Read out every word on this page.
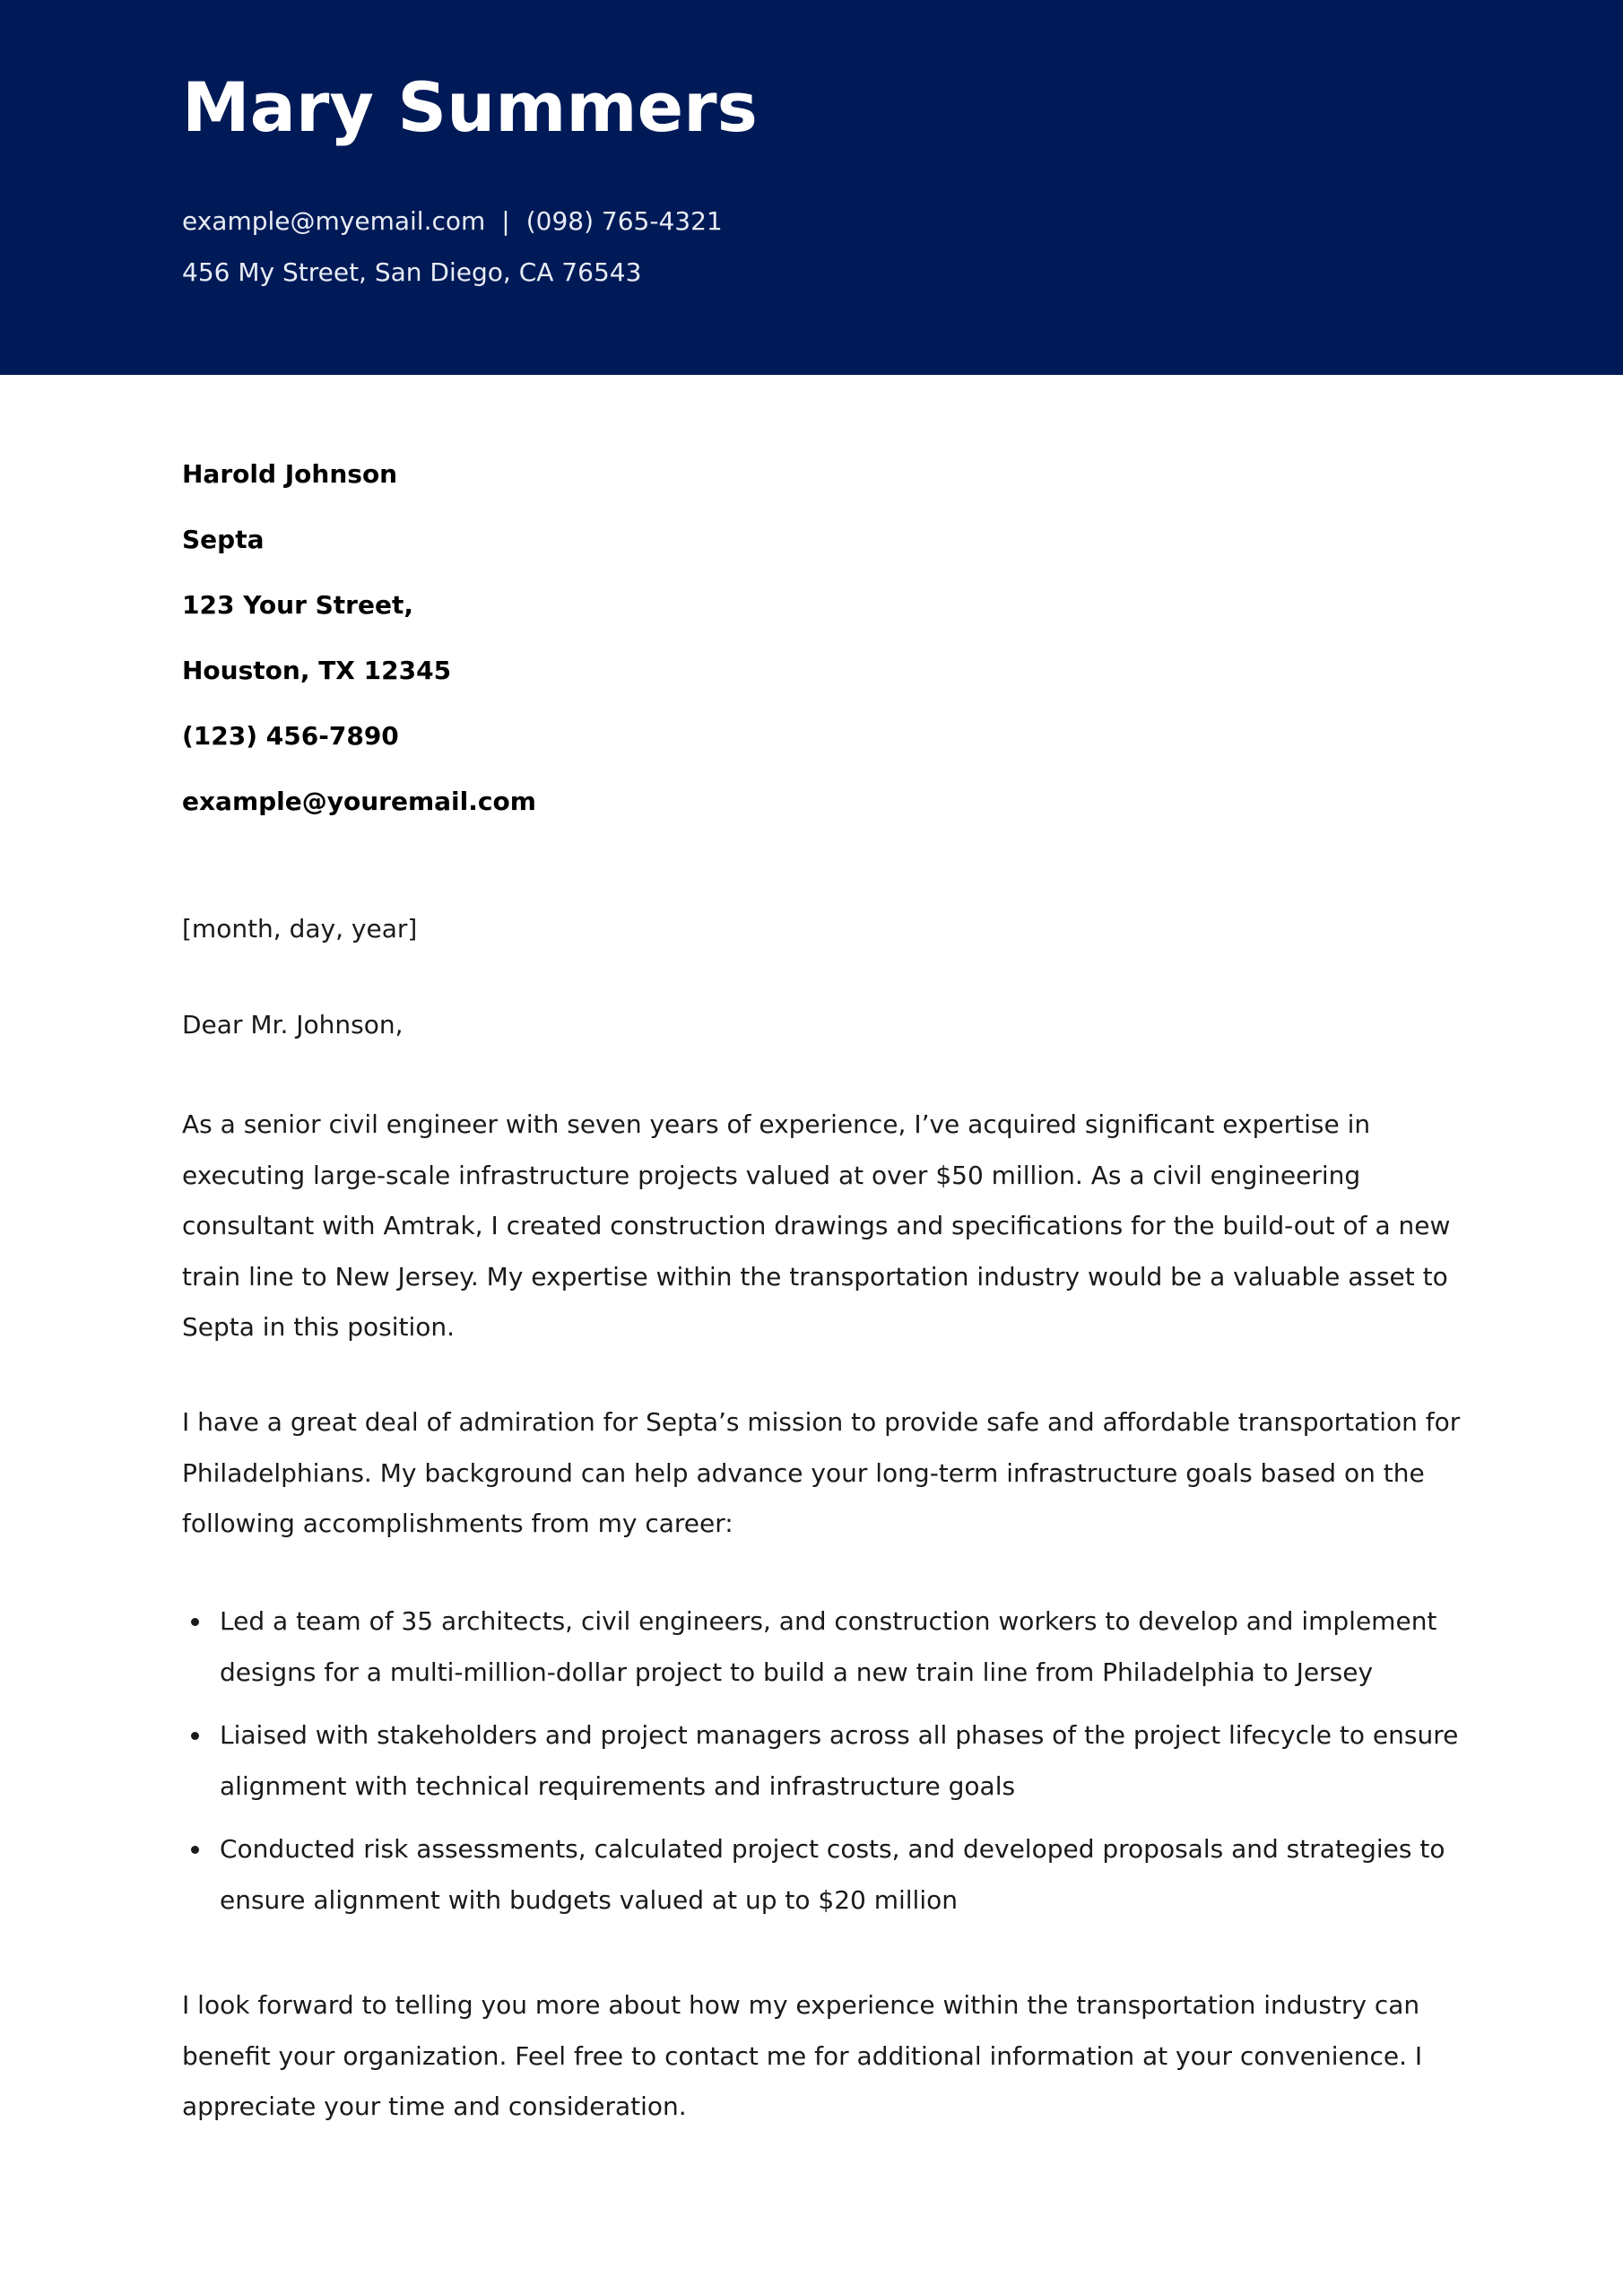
Mary Summers
example@myemail.com | (098) 765-4321
456 My Street, San Diego, CA 76543
Harold Johnson
Septa
123 Your Street,
Houston, TX 12345
(123) 456-7890
example@youremail.com
[month, day, year]
Dear Mr. Johnson,

As a senior civil engineer with seven years of experience, I’ve acquired significant expertise in executing large-scale infrastructure projects valued at over $50 million. As a civil engineering consultant with Amtrak, I created construction drawings and specifications for the build-out of a new train line to New Jersey. My expertise within the transportation industry would be a valuable asset to Septa in this position.

I have a great deal of admiration for Septa’s mission to provide safe and affordable transportation for Philadelphians. My background can help advance your long-term infrastructure goals based on the following accomplishments from my career:

Led a team of 35 architects, civil engineers, and construction workers to develop and implement designs for a multi-million-dollar project to build a new train line from Philadelphia to Jersey
Liaised with stakeholders and project managers across all phases of the project lifecycle to ensure alignment with technical requirements and infrastructure goals
Conducted risk assessments, calculated project costs, and developed proposals and strategies to ensure alignment with budgets valued at up to $20 million

I look forward to telling you more about how my experience within the transportation industry can benefit your organization. Feel free to contact me for additional information at your convenience. I appreciate your time and consideration.
